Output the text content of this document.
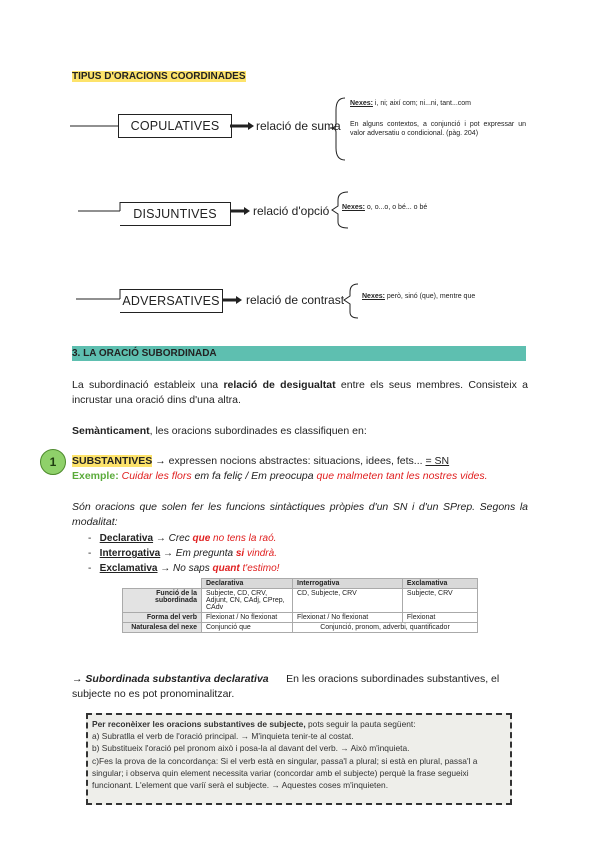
TIPUS D'ORACIONS COORDINADES
COPULATIVES	relació de suma
Nexes: i, ni; així com; ni...ni, tant...com
En alguns contextos, a conjunció i pot expressar un valor adversatiu o condicional. (pàg. 204)
DISJUNTIVES	relació d'opció Nexes: o, o...o, o bé... o bé
ADVERSATIVES relació de contrast	Nexes: però, sinó (que), mentre que
3. LA ORACIÓ SUBORDINADA
La subordinació estableix una relació de desigualtat entre els seus membres. Consisteix a incrustar una oració dins d'una altra.
Semànticament, les oracions subordinades es classifiquen en:
1	SUBSTANTIVES → expressen nocions abstractes: situacions, idees, fets... = SN
Exemple: Cuidar les flors em fa feliç / Em preocupa que malmeten tant les nostres vides.
Són oracions que solen fer les funcions sintàctiques pròpies d'un SN i d'un SPrep. Segons la modalitat:
-   Declarativa → Crec que no tens la raó.
-   Interrogativa → Em pregunta si vindrà.
-   Exclamativa → No saps quant t'estimo!
	Declarativa	Interrogativa	Exclamativa
Funció de la subordinada	Subjecte, CD, CRV, Adjunt, CN, CAdj, CPrep, CAdv	CD, Subjecte, CRV	Subjecte, CRV
Forma del verb	Flexionat / No flexionat	Flexionat / No flexionat	Flexionat
Naturalesa del nexe	Conjunció que	Conjunció, pronom, adverbi, quantificador	
→ Subordinada substantiva declarativa En les oracions subordinades substantives, el subjecte no es pot pronominalitzar.
Per reconèixer les oracions substantives de subjecte, pots seguir la pauta següent:
a) Subratlla el verb de l'oració principal. → M'inquieta tenir-te al costat.
b) Substitueix l'oració pel pronom això i posa-la al davant del verb. → Això m'inquieta.
c)Fes la prova de la concordança: Si el verb està en singular, passa'l a plural; si està en plural, passa'l a singular; i observa quin element necessita variar (concordar amb el subjecte) perquè la frase segueixi funcionant. L'element que variï serà el subjecte. → Aquestes coses m'inquieten.
